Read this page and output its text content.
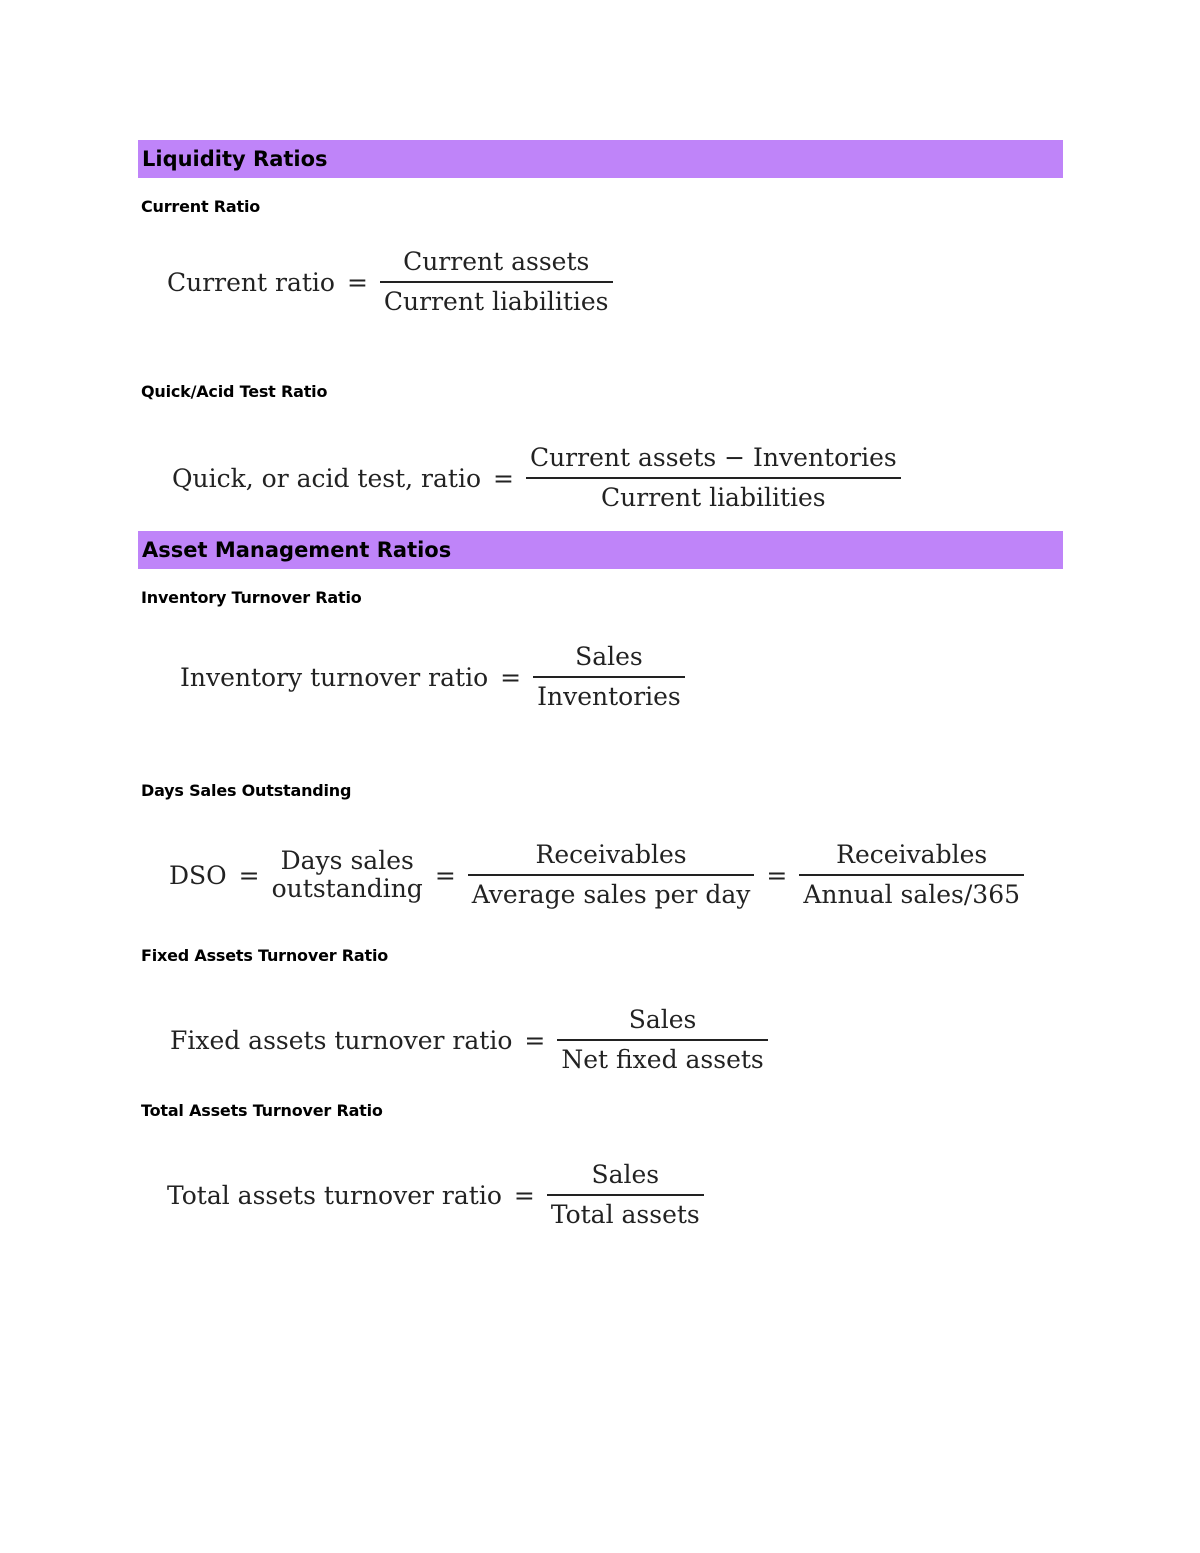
Liquidity Ratios
Current Ratio
Current ratio = $\frac{\text{Current assets}}{\text{Current liabilities}}$
Quick/Acid Test Ratio
Quick, or acid test, ratio = $\frac{\text{Current assets − Inventories}}{\text{Current liabilities}}$
Asset Management Ratios
Inventory Turnover Ratio
Inventory turnover ratio = $\frac{\text{Sales}}{\text{Inventories}}$
Days Sales Outstanding
DSO = Days sales
outstanding = $\frac{\text{Receivables}}{\text{Average sales per day}} = \frac{\text{Receivables}}{\text{Annual sales/365}}$
Fixed Assets Turnover Ratio
Fixed assets turnover ratio = $\frac{\text{Sales}}{\text{Net fixed assets}}$
Total Assets Turnover Ratio
Total assets turnover ratio = $\frac{\text{Sales}}{\text{Total assets}}$
